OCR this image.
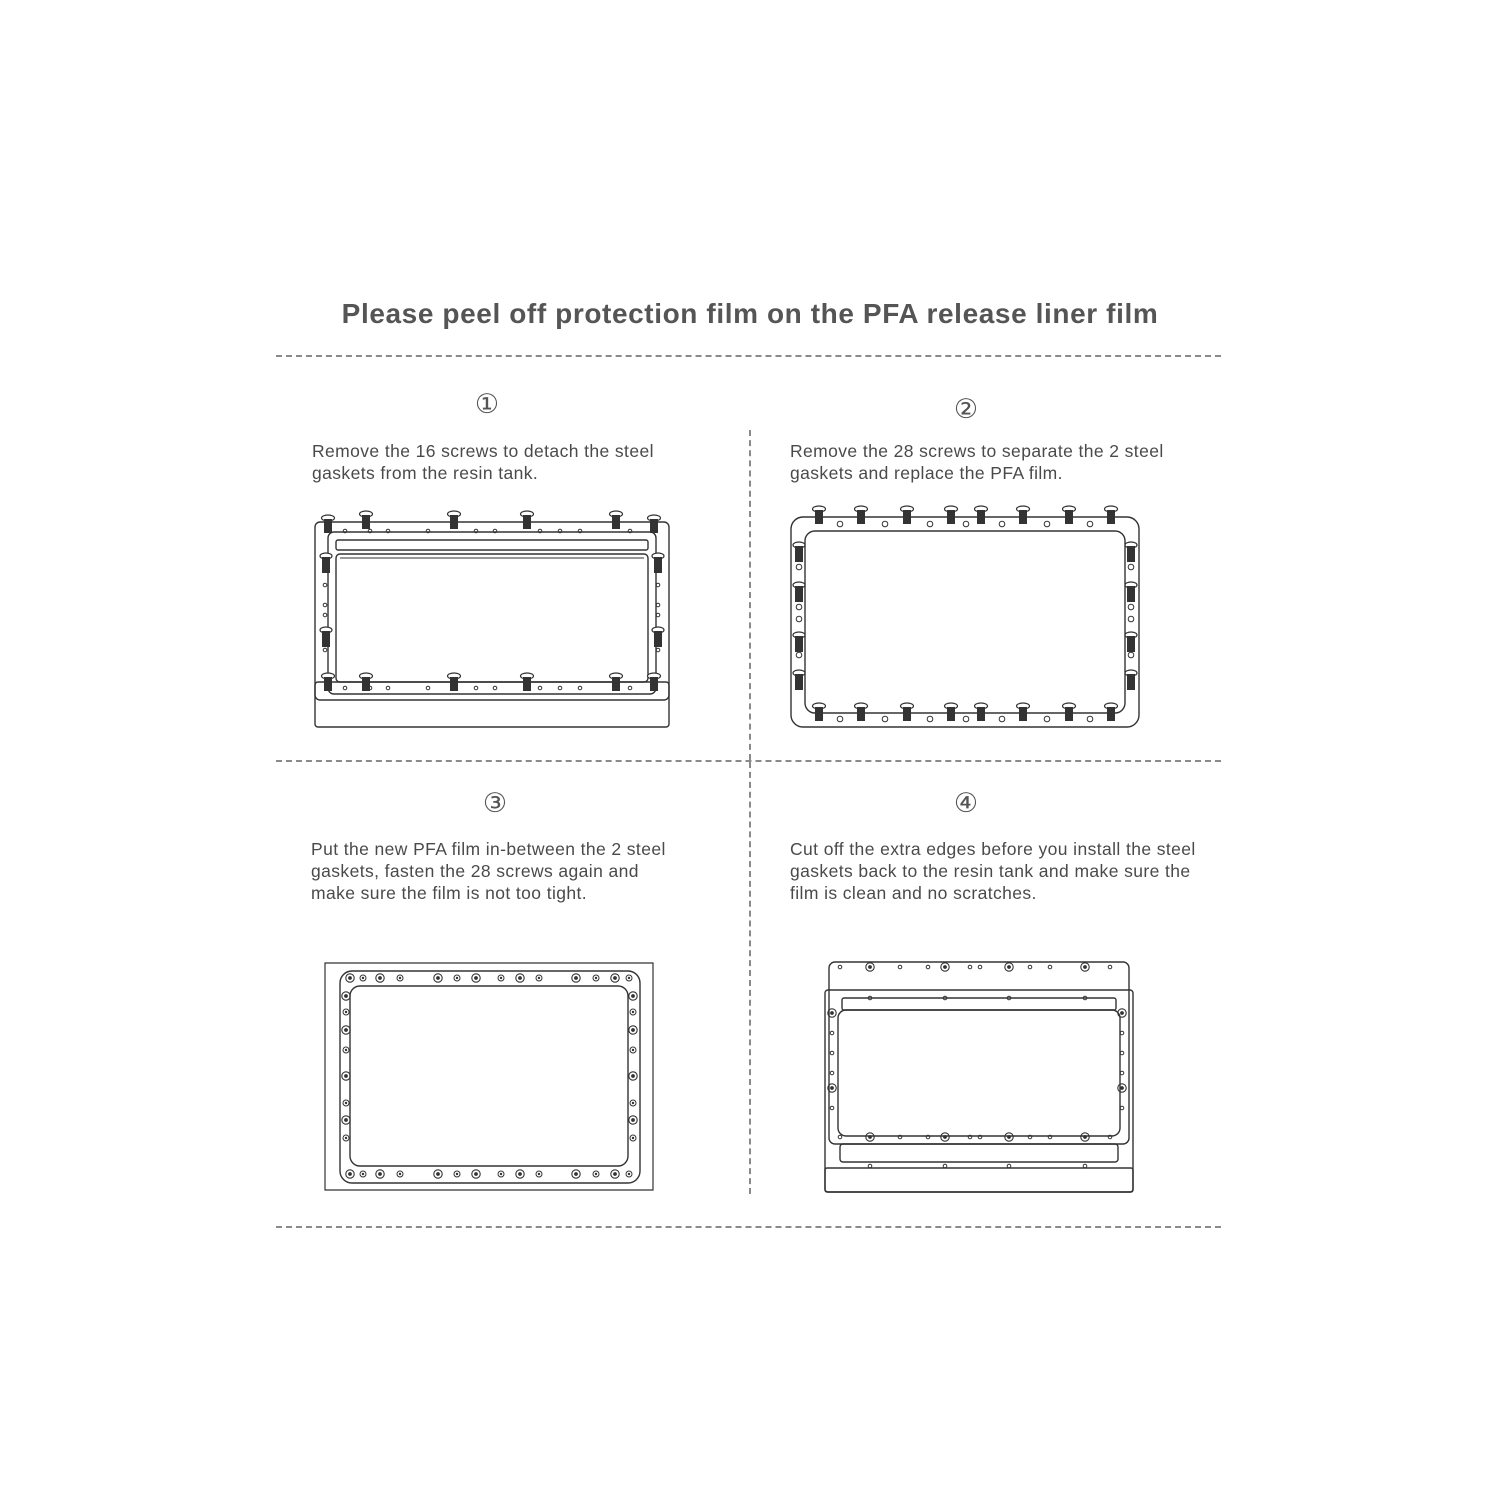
Please peel off protection film on the PFA release liner film
①
Remove the 16 screws to detach the steel
gaskets from the resin tank.
②
Remove the 28 screws to separate the 2 steel
gaskets and replace the PFA film.
③
Put the new PFA film in-between the 2 steel
gaskets, fasten the 28 screws again and
make sure the film is not too tight.
④
Cut off the extra edges before you install the steel
gaskets back to the resin tank and make sure the
film is clean and no scratches.
